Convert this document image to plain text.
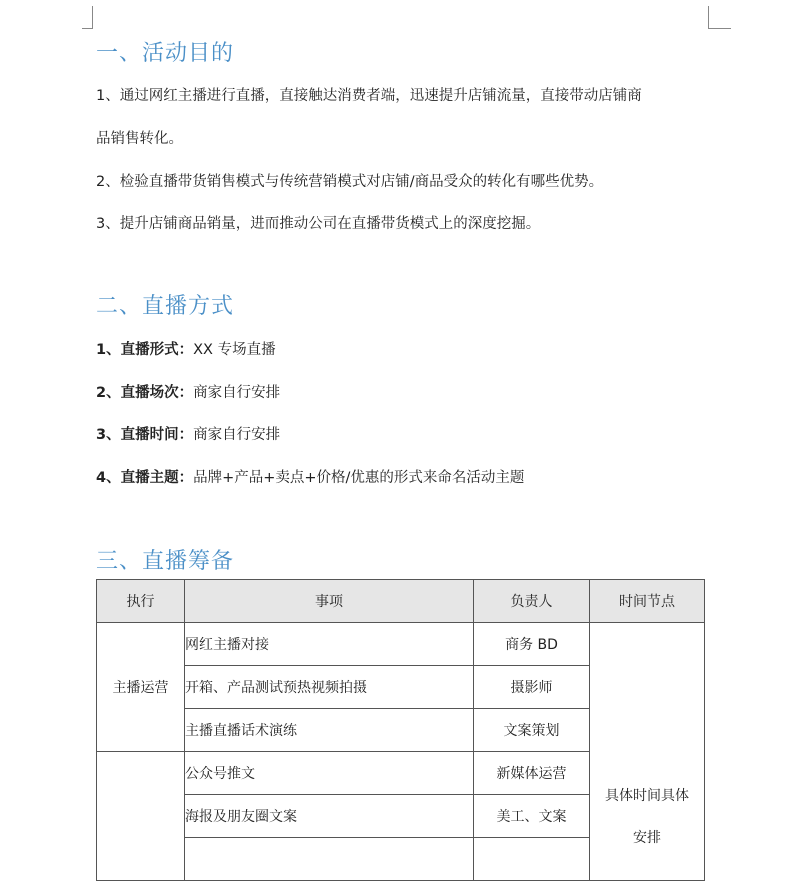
一、活动目的
1、通过网红主播进行直播，直接触达消费者端，迅速提升店铺流量，直接带动店铺商
品销售转化。
2、检验直播带货销售模式与传统营销模式对店铺/商品受众的转化有哪些优势。
3、提升店铺商品销量，进而推动公司在直播带货模式上的深度挖掘。
二、直播方式
1、直播形式：XX 专场直播
2、直播场次：商家自行安排
3、直播时间：商家自行安排
4、直播主题：品牌+产品+卖点+价格/优惠的形式来命名活动主题
三、直播筹备
执行	事项	负责人	时间节点
主播运营	网红主播对接	商务 BD	具体时间具体
安排
	开箱、产品测试预热视频拍摄	摄影师	
	主播直播话术演练	文案策划	
	公众号推文	新媒体运营	
	海报及朋友圈文案	美工、文案	
